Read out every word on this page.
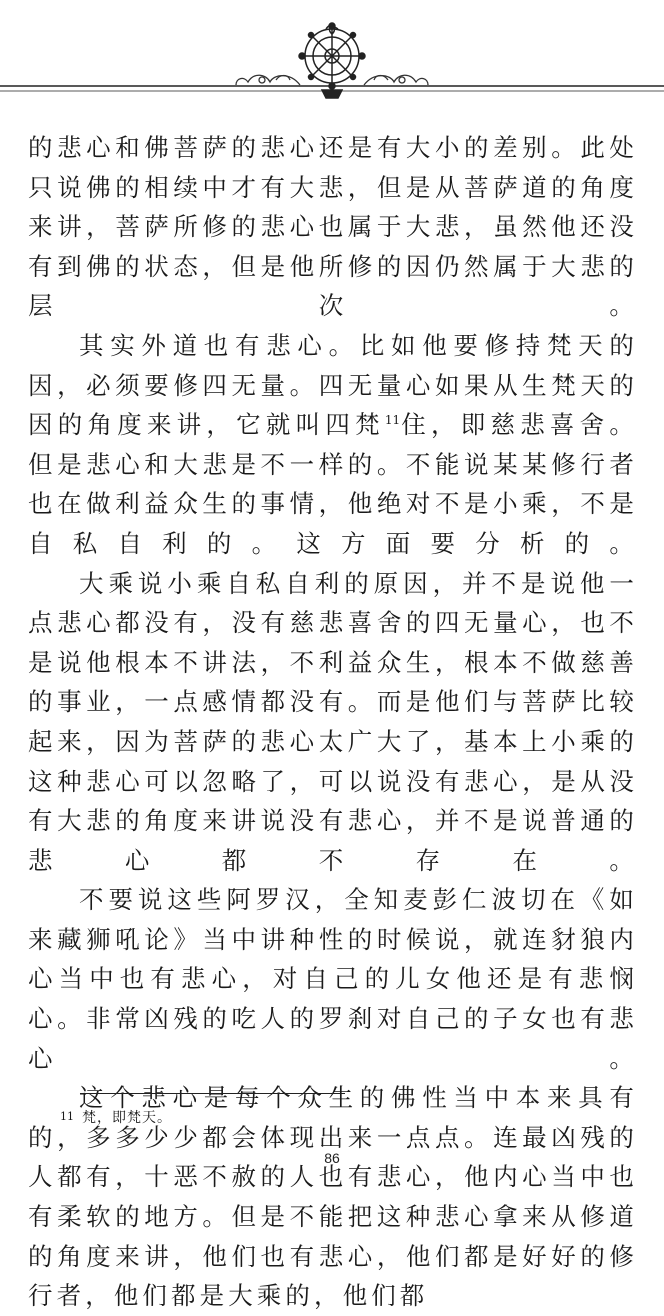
的悲心和佛菩萨的悲心还是有大小的差别。此处只说佛的相续中才有大悲，但是从菩萨道的角度来讲，菩萨所修的悲心也属于大悲，虽然他还没有到佛的状态，但是他所修的因仍然属于大悲的层次。

其实外道也有悲心。比如他要修持梵天的因，必须要修四无量。四无量心如果从生梵天的因的角度来讲，它就叫四梵$^{11}$住，即慈悲喜舍。但是悲心和大悲是不一样的。不能说某某修行者也在做利益众生的事情，他绝对不是小乘，不是自私自利的。这方面要分析的。

大乘说小乘自私自利的原因，并不是说他一点悲心都没有，没有慈悲喜舍的四无量心，也不是说他根本不讲法，不利益众生，根本不做慈善的事业，一点感情都没有。而是他们与菩萨比较起来，因为菩萨的悲心太广大了，基本上小乘的这种悲心可以忽略了，可以说没有悲心，是从没有大悲的角度来讲说没有悲心，并不是说普通的悲心都不存在。

不要说这些阿罗汉，全知麦彭仁波切在《如来藏狮吼论》当中讲种性的时候说，就连豺狼内心当中也有悲心，对自己的儿女他还是有悲悯心。非常凶残的吃人的罗刹对自己的子女也有悲心。

这个悲心是每个众生的佛性当中本来具有的，多多少少都会体现出来一点点。连最凶残的人都有，十恶不赦的人也有悲心，他内心当中也有柔软的地方。但是不能把这种悲心拿来从修道的角度来讲，他们也有悲心，他们都是好好的修行者，他们都是大乘的，他们都

11 梵，即梵天。
86
